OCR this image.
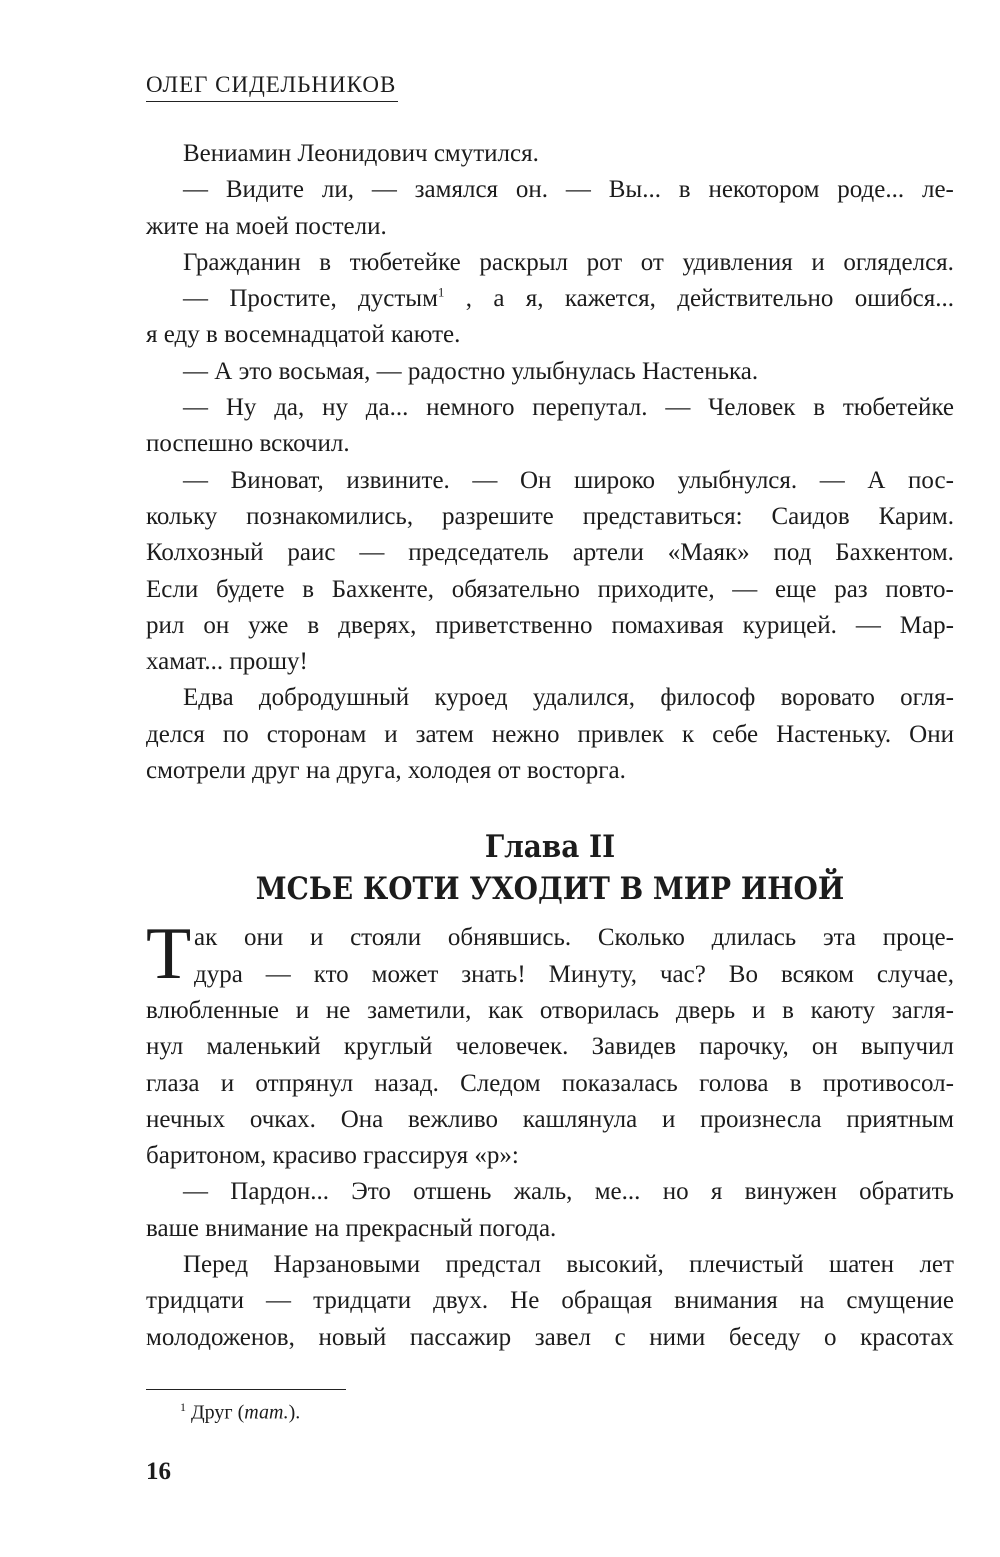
ОЛЕГ СИДЕЛЬНИКОВ
Вениамин Леонидович смутился.
— Видите ли, — замялся он. — Вы... в некотором роде... ле-
жите на моей постели.
Гражданин в тюбетейке раскрыл рот от удивления и огляделся.
— Простите, дустым$^1$ , а я, кажется, действительно ошибся...
я еду в восемнадцатой каюте.
— А это восьмая, — радостно улыбнулась Настенька.
— Ну да, ну да... немного перепутал. — Человек в тюбетейке
поспешно вскочил.
— Виноват, извините. — Он широко улыбнулся. — А пос-
кольку познакомились, разрешите представиться: Саидов Карим.
Колхозный раис — председатель артели «Маяк» под Бахкентом.
Если будете в Бахкенте, обязательно приходите, — еще раз повто-
рил он уже в дверях, приветственно помахивая курицей. — Мар-
хамат... прошу!
Едва добродушный куроед удалился, философ воровато огля-
делся по сторонам и затем нежно привлек к себе Настеньку. Они
смотрели друг на друга, холодея от восторга.
Глава II
МСЬЕ КОТИ УХОДИТ В МИР ИНОЙ
Т ак они и стояли обнявшись. Сколько длилась эта проце-
дура — кто может знать! Минуту, час? Во всяком случае,
влюбленные и не заметили, как отворилась дверь и в каюту загля-
нул маленький круглый человечек. Завидев парочку, он выпучил
глаза и отпрянул назад. Следом показалась голова в противосол-
нечных очках. Она вежливо кашлянула и произнесла приятным
баритоном, красиво грассируя «р»:
— Пардон... Это отшень жаль, ме... но я винужен обратить
ваше внимание на прекрасный погода.
Перед Нарзановыми предстал высокий, плечистый шатен лет
тридцати — тридцати двух. Не обращая внимания на смущение
молодоженов, новый пассажир завел с ними беседу о красотах
$^1$ Друг (тат.).
16
